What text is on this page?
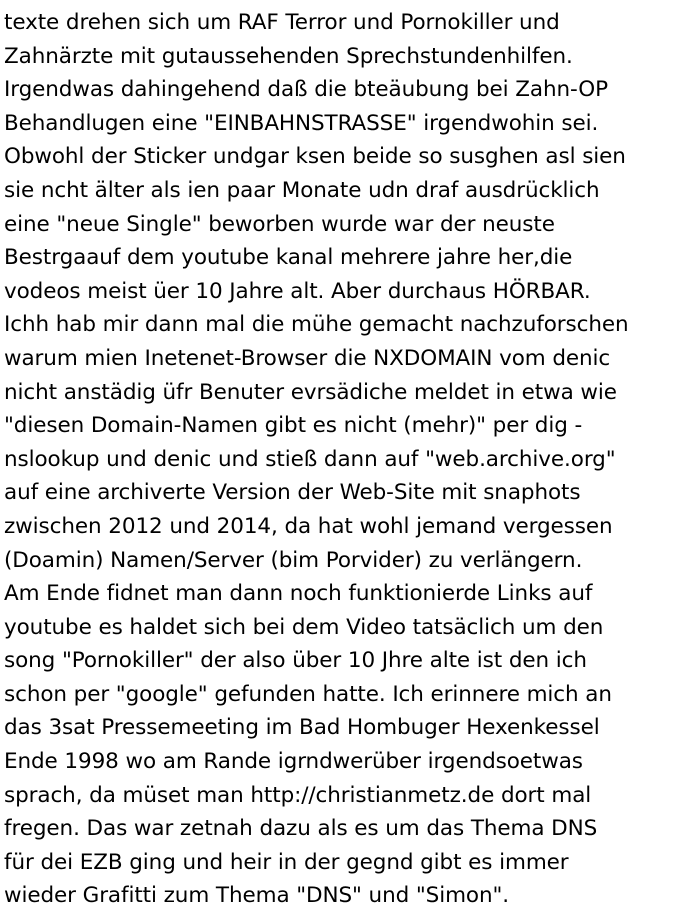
texte drehen sich um RAF Terror und Pornokiller und
Zahnärzte mit gutaussehenden Sprechstundenhilfen.
Irgendwas dahingehend daß die bteäubung bei Zahn-OP
Behandlugen eine "EINBAHNSTRASSE" irgendwohin sei.
Obwohl der Sticker undgar ksen beide so susghen asl sien
sie ncht älter als ien paar Monate udn draf ausdrücklich
eine "neue Single" beworben wurde war der neuste
Bestrgaauf dem youtube kanal mehrere jahre her,die
vodeos meist üer 10 Jahre alt. Aber durchaus HÖRBAR.
Ichh hab mir dann mal die mühe gemacht nachzuforschen
warum mien Inetenet-Browser die NXDOMAIN vom denic
nicht anstädig üfr Benuter evrsädiche meldet in etwa wie
"diesen Domain-Namen gibt es nicht (mehr)" per dig -
nslookup und denic und stieß dann auf "web.archive.org"
auf eine archiverte Version der Web-Site mit snaphots
zwischen 2012 und 2014, da hat wohl jemand vergessen
(Doamin) Namen/Server (bim Porvider) zu verlängern.
Am Ende fidnet man dann noch funktionierde Links auf
youtube es haldet sich bei dem Video tatsäclich um den
song "Pornokiller" der also über 10 Jhre alte ist den ich
schon per "google" gefunden hatte. Ich erinnere mich an
das 3sat Pressemeeting im Bad Hombuger Hexenkessel
Ende 1998 wo am Rande igrndwerüber irgendsoetwas
sprach, da müset man http://christianmetz.de dort mal
fregen. Das war zetnah dazu als es um das Thema DNS
für dei EZB ging und heir in der gegnd gibt es immer
wieder Grafitti zum Thema "DNS" und "Simon".
